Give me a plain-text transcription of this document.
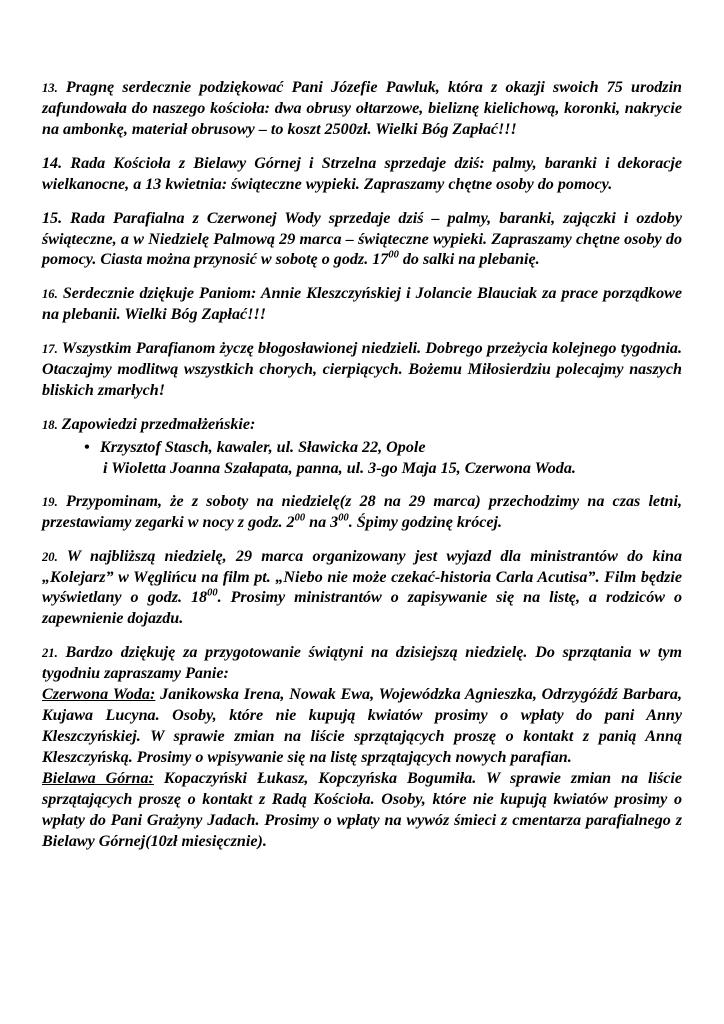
13. Pragnę serdecznie podziękować Pani Józefie Pawluk, która z okazji swoich 75 urodzin zafundowała do naszego kościoła: dwa obrusy ołtarzowe, bieliznę kielichową, koronki, nakrycie na ambonkę, materiał obrusowy – to koszt 2500zł. Wielki Bóg Zapłać!!!

14. Rada Kościoła z Bielawy Górnej i Strzelna sprzedaje dziś: palmy, baranki i dekoracje wielkanocne, a 13 kwietnia: świąteczne wypieki. Zapraszamy chętne osoby do pomocy.

15. Rada Parafialna z Czerwonej Wody sprzedaje dziś – palmy, baranki, zajączki i ozdoby świąteczne, a w Niedzielę Palmową 29 marca – świąteczne wypieki. Zapraszamy chętne osoby do pomocy. Ciasta można przynosić w sobotę o godz. $17^{00}$ do salki na plebanię.

16. Serdecznie dziękuje Paniom: Annie Kleszczyńskiej i Jolancie Blauciak za prace porządkowe na plebanii. Wielki Bóg Zapłać!!!

17. Wszystkim Parafianom życzę błogosławionej niedzieli. Dobrego przeżycia kolejnego tygodnia. Otaczajmy modlitwą wszystkich chorych, cierpiących. Bożemu Miłosierdziu polecajmy naszych bliskich zmarłych!

18. Zapowiedzi przedmałżeńskie:

• Krzysztof Stasch, kawaler, ul. Sławicka 22, Opole
i Wioletta Joanna Szałapata, panna, ul. 3-go Maja 15, Czerwona Woda.

19. Przypominam, że z soboty na niedzielę(z 28 na 29 marca) przechodzimy na czas letni, przestawiamy zegarki w nocy z godz. $2^{00}$ na $3^{00}$. Śpimy godzinę krócej.

20. W najbliższą niedzielę, 29 marca organizowany jest wyjazd dla ministrantów do kina „Kolejarz” w Węglińcu na film pt. „Niebo nie może czekać-historia Carla Acutisa”. Film będzie wyświetlany o godz. $18^{00}$. Prosimy ministrantów o zapisywanie się na listę, a rodziców o zapewnienie dojazdu.

21. Bardzo dziękuję za przygotowanie świątyni na dzisiejszą niedzielę. Do sprzątania w tym tygodniu zapraszamy Panie:

Czerwona Woda: Janikowska Irena, Nowak Ewa, Wojewódzka Agnieszka, Odrzygóźdź Barbara, Kujawa Lucyna. Osoby, które nie kupują kwiatów prosimy o wpłaty do pani Anny Kleszczyńskiej. W sprawie zmian na liście sprzątających proszę o kontakt z panią Anną Kleszczyńską. Prosimy o wpisywanie się na listę sprzątających nowych parafian.

Bielawa Górna: Kopaczyński Łukasz, Kopczyńska Bogumiła. W sprawie zmian na liście sprzątających proszę o kontakt z Radą Kościoła. Osoby, które nie kupują kwiatów prosimy o wpłaty do Pani Grażyny Jadach. Prosimy o wpłaty na wywóz śmieci z cmentarza parafialnego z Bielawy Górnej(10zł miesięcznie).
